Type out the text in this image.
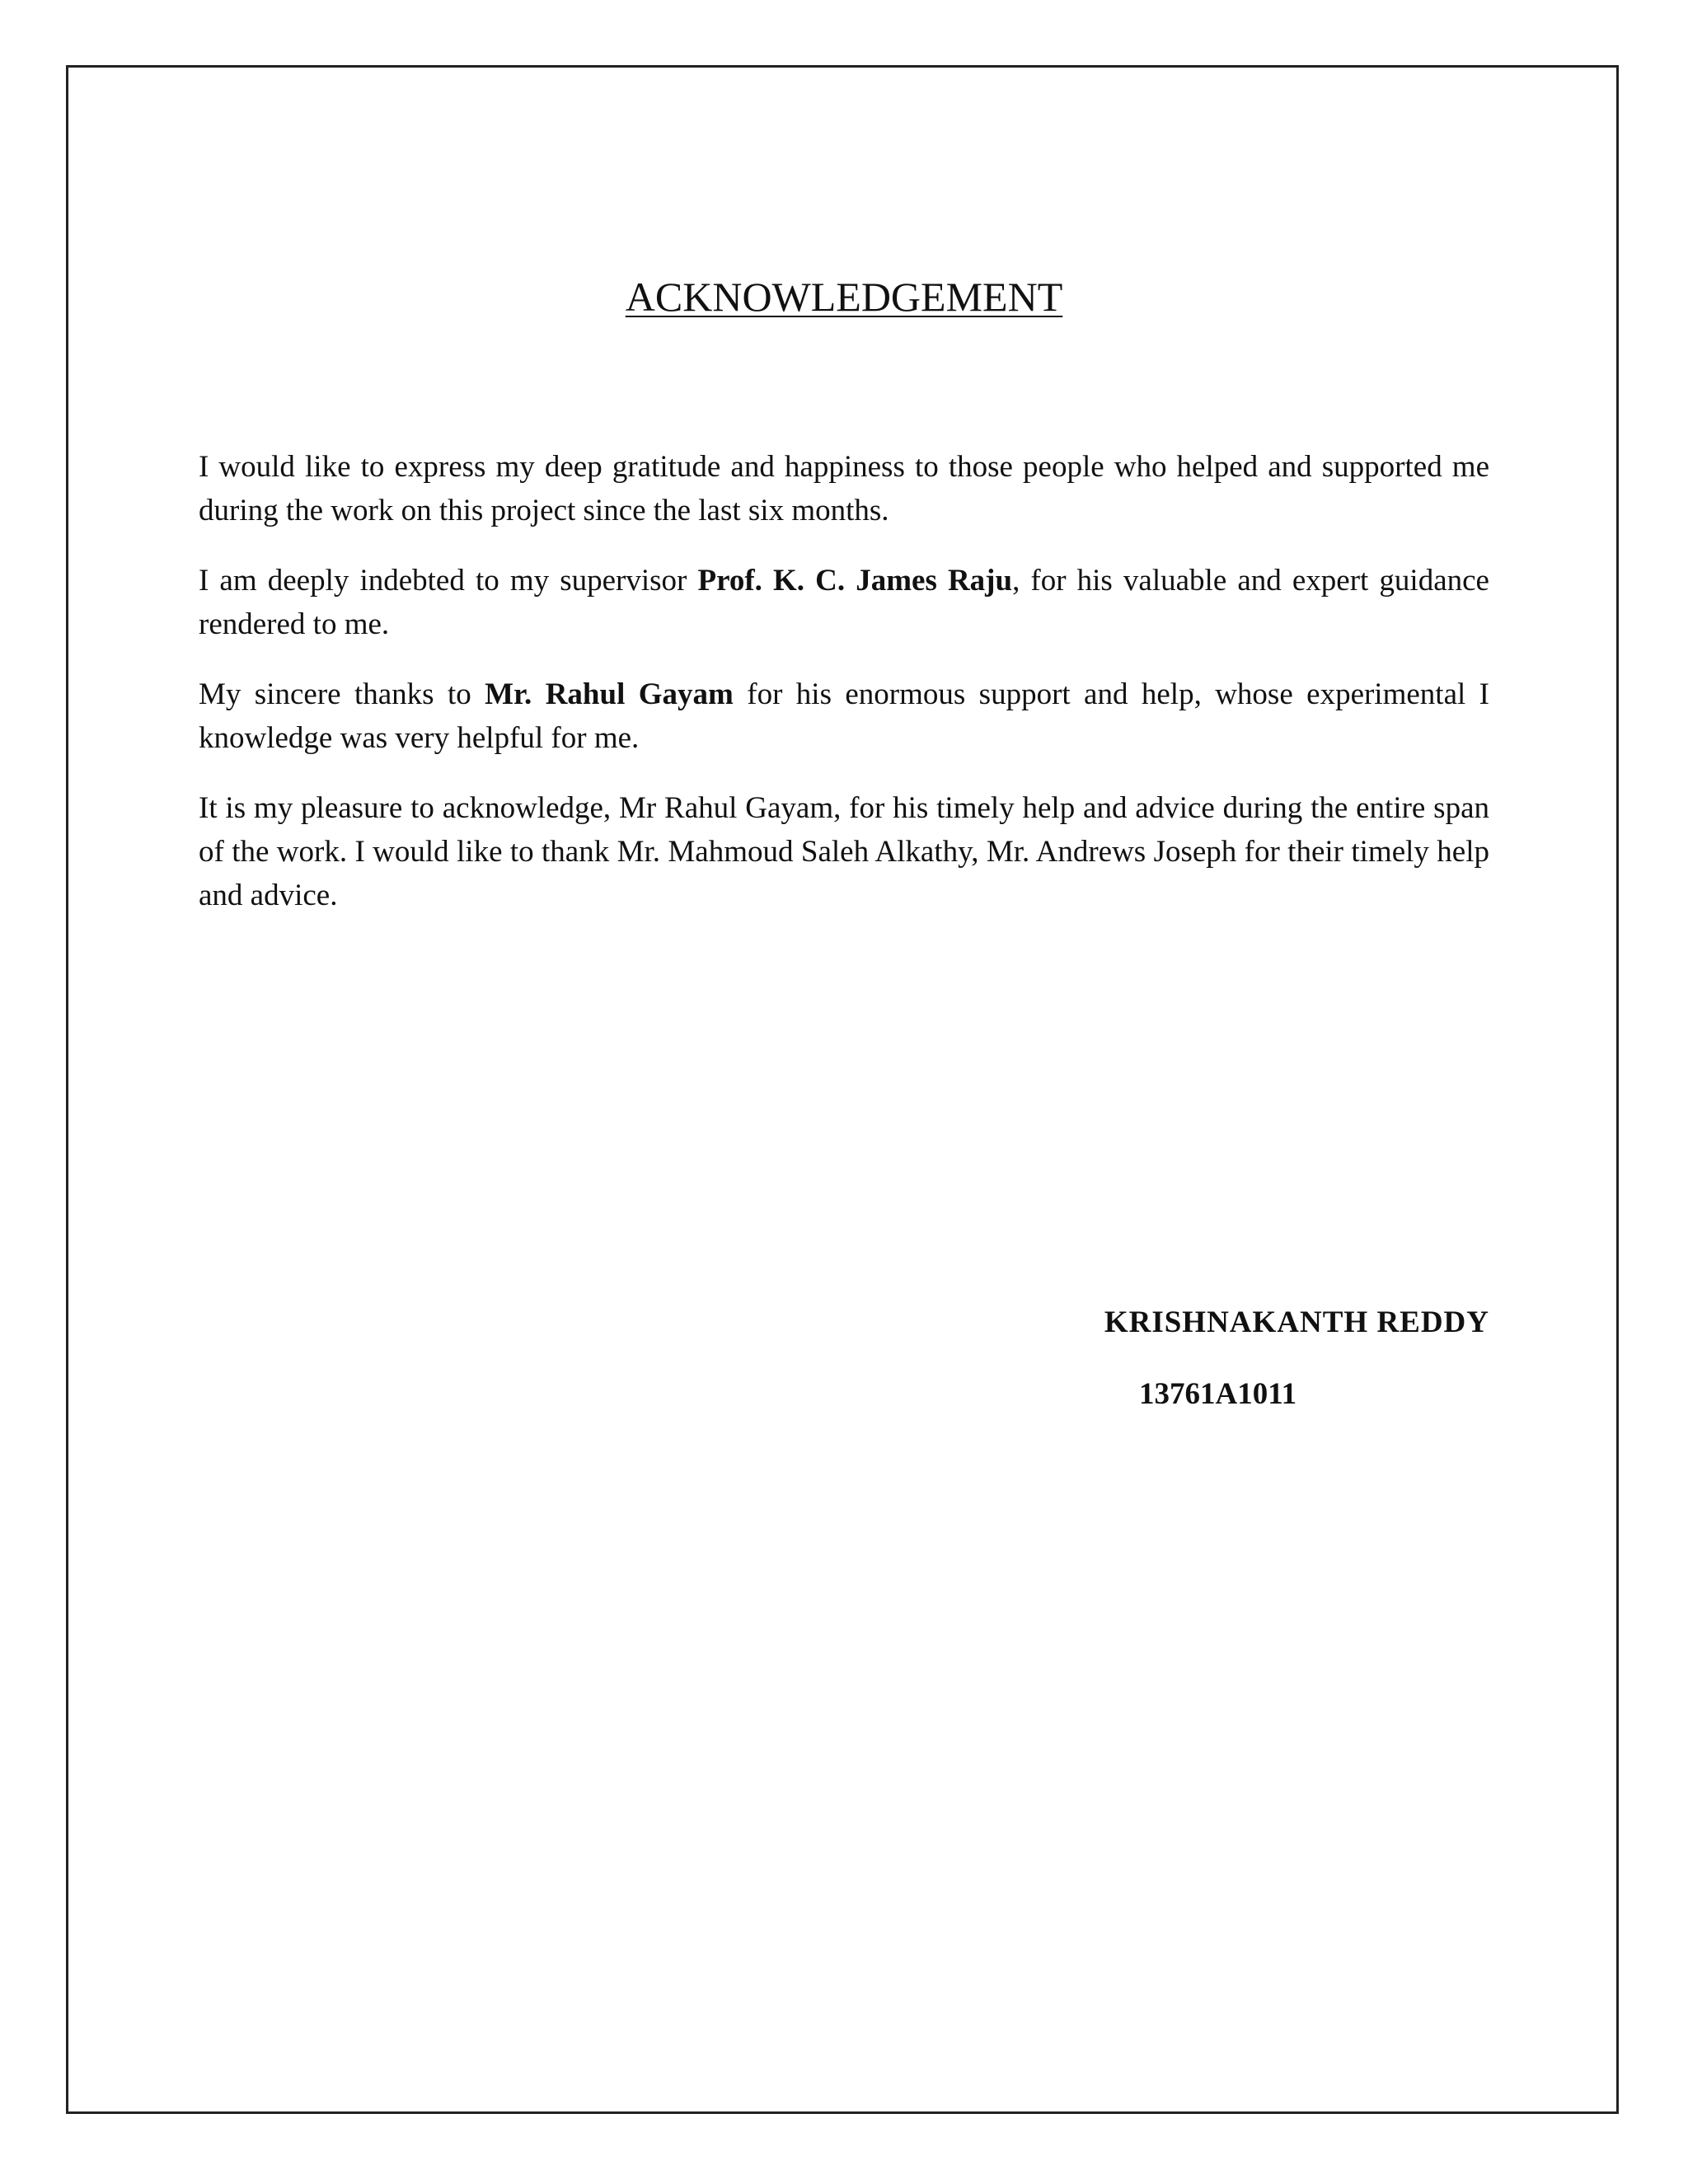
ACKNOWLEDGEMENT

I would like to express my deep gratitude and happiness to those people who helped and supported me during the work on this project since the last six months.

I am deeply indebted to my supervisor Prof. K. C. James Raju, for his valuable and expert guidance rendered to me.

My sincere thanks to Mr. Rahul Gayam for his enormous support and help, whose experimental I knowledge was very helpful for me.

It is my pleasure to acknowledge, Mr Rahul Gayam, for his timely help and advice during the entire span of the work. I would like to thank Mr. Mahmoud Saleh Alkathy, Mr. Andrews Joseph for their timely help and advice.

KRISHNAKANTH REDDY
13761A1011
